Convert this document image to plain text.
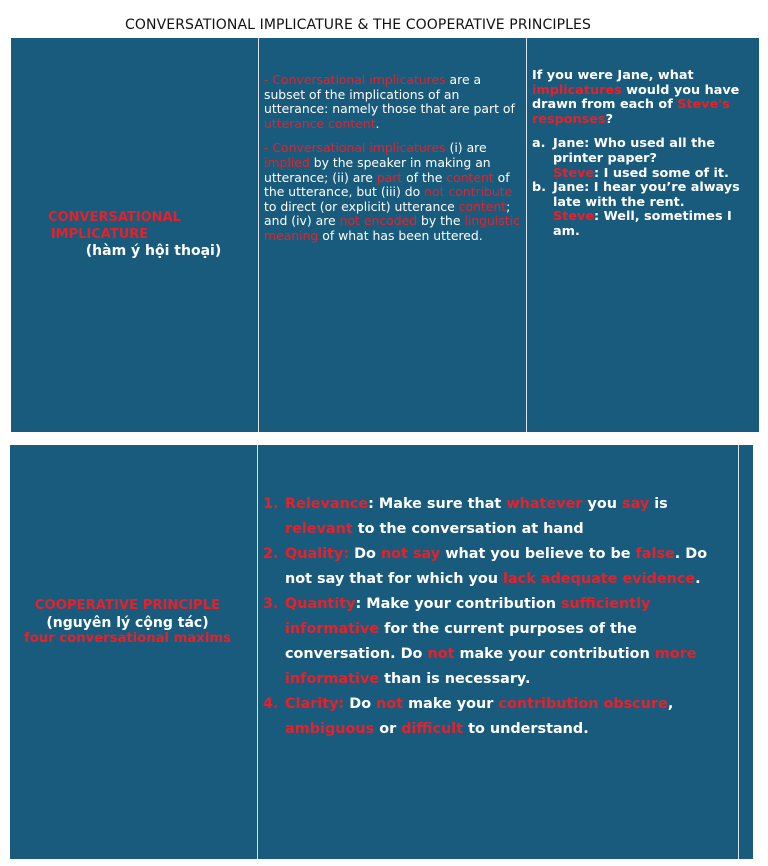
CONVERSATIONAL IMPLICATURE & THE COOPERATIVE PRINCIPLES
CONVERSATIONAL
IMPLICATURE
(hàm ý hội thoại)

- Conversational implicatures are a subset of the implications of an utterance: namely those that are part of utterance content.

- Conversational implicatures (i) are implied by the speaker in making an utterance; (ii) are part of the content of the utterance, but (iii) do not contribute to direct (or explicit) utterance content; and (iv) are not encoded by the linguistic meaning of what has been uttered.

If you were Jane, what implicatures would you have drawn from each of Steve's responses?

a. Jane: Who used all the printer paper?
Steve: I used some of it.
b. Jane: I hear you’re always late with the rent.
Steve: Well, sometimes I am.
COOPERATIVE PRINCIPLE
(nguyên lý cộng tác)
four conversational maxims
1. Relevance: Make sure that whatever you say is relevant to the conversation at hand
2. Quality: Do not say what you believe to be false. Do not say that for which you lack adequate evidence.
3. Quantity: Make your contribution sufficiently informative for the current purposes of the conversation. Do not make your contribution more informative than is necessary.
4. Clarity: Do not make your contribution obscure, ambiguous or difficult to understand.
